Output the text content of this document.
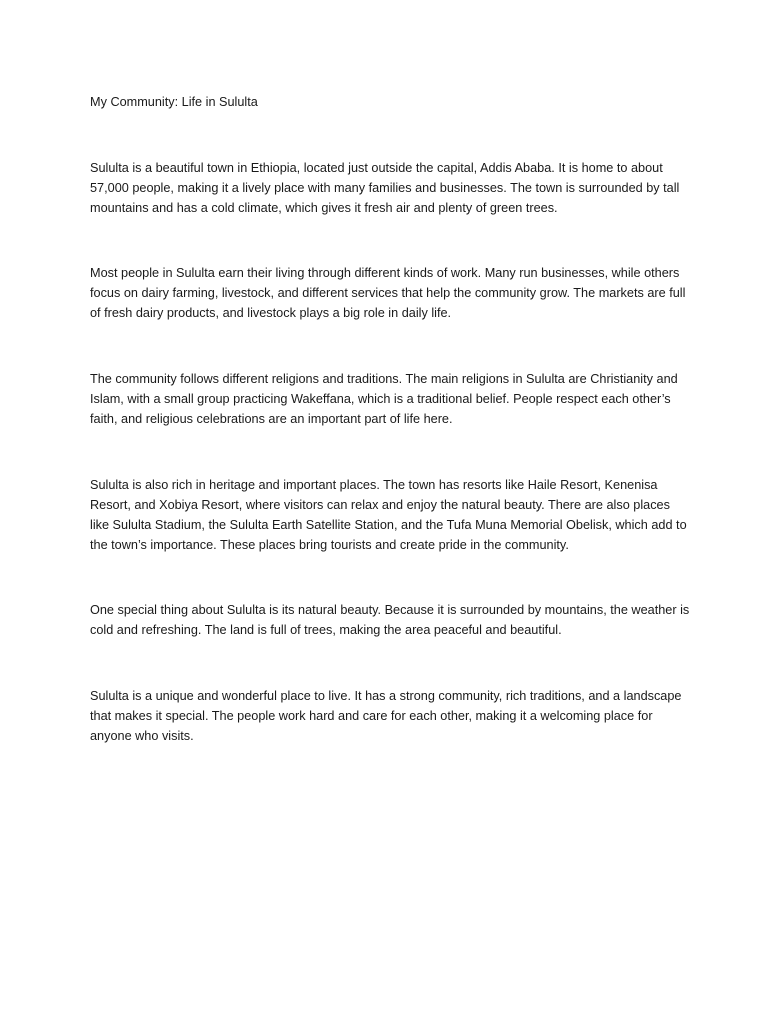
My Community: Life in Sululta

Sululta is a beautiful town in Ethiopia, located just outside the capital, Addis Ababa. It is home to about 57,000 people, making it a lively place with many families and businesses. The town is surrounded by tall mountains and has a cold climate, which gives it fresh air and plenty of green trees.

Most people in Sululta earn their living through different kinds of work. Many run businesses, while others focus on dairy farming, livestock, and different services that help the community grow. The markets are full of fresh dairy products, and livestock plays a big role in daily life.

The community follows different religions and traditions. The main religions in Sululta are Christianity and Islam, with a small group practicing Wakeffana, which is a traditional belief. People respect each other’s faith, and religious celebrations are an important part of life here.

Sululta is also rich in heritage and important places. The town has resorts like Haile Resort, Kenenisa Resort, and Xobiya Resort, where visitors can relax and enjoy the natural beauty. There are also places like Sululta Stadium, the Sululta Earth Satellite Station, and the Tufa Muna Memorial Obelisk, which add to the town’s importance. These places bring tourists and create pride in the community.

One special thing about Sululta is its natural beauty. Because it is surrounded by mountains, the weather is cold and refreshing. The land is full of trees, making the area peaceful and beautiful.

Sululta is a unique and wonderful place to live. It has a strong community, rich traditions, and a landscape that makes it special. The people work hard and care for each other, making it a welcoming place for anyone who visits.
